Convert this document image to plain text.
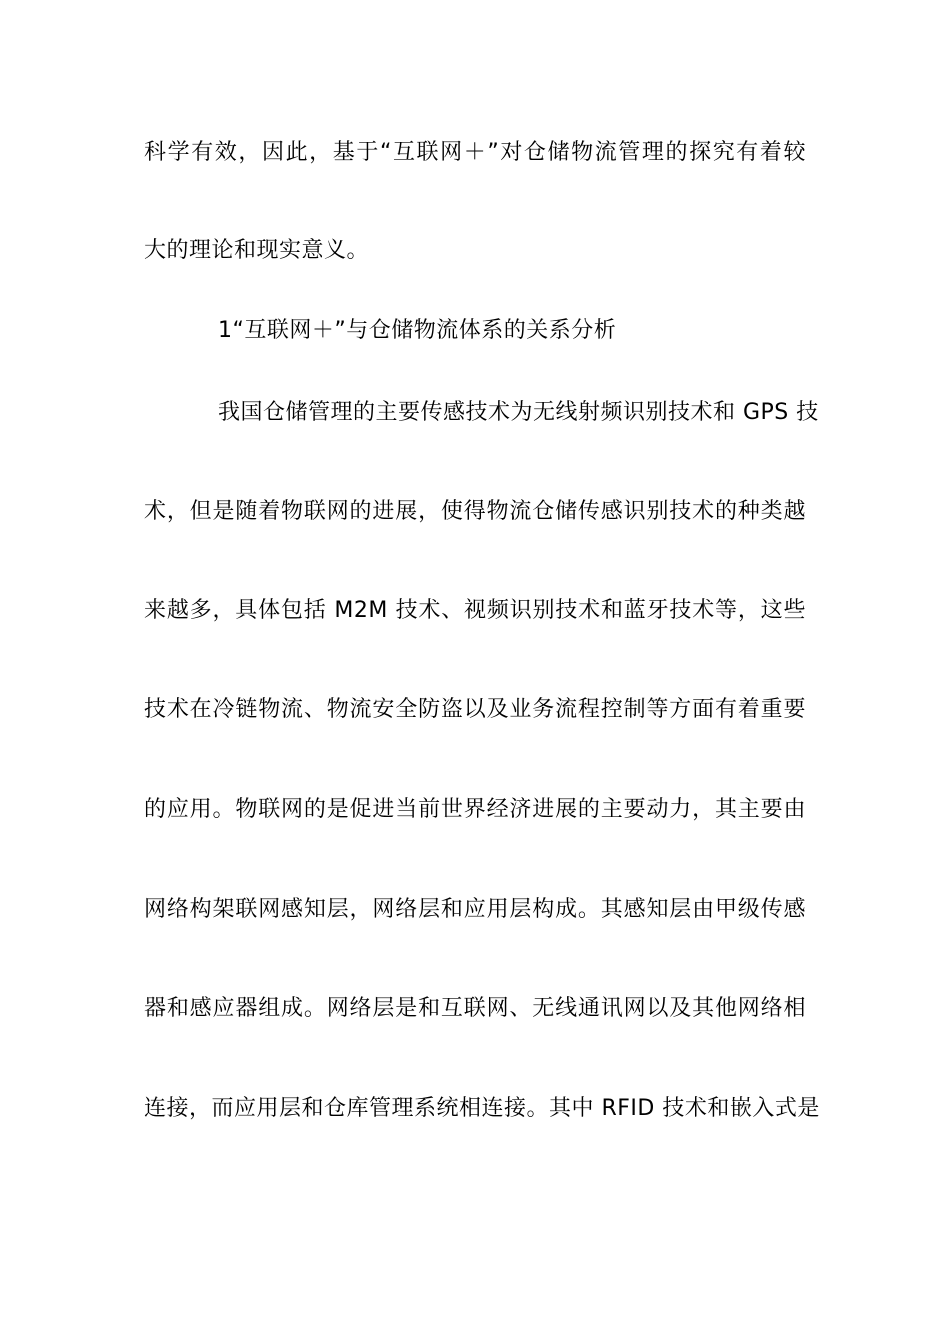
科学有效，因此，基于“互联网＋”对仓储物流管理的探究有着较
大的理论和现实意义。
1“互联网＋”与仓储物流体系的关系分析
我国仓储管理的主要传感技术为无线射频识别技术和 GPS 技
术，但是随着物联网的进展，使得物流仓储传感识别技术的种类越
来越多，具体包括 M2M 技术、视频识别技术和蓝牙技术等，这些
技术在冷链物流、物流安全防盗以及业务流程控制等方面有着重要
的应用。物联网的是促进当前世界经济进展的主要动力，其主要由
网络构架联网感知层，网络层和应用层构成。其感知层由甲级传感
器和感应器组成。网络层是和互联网、无线通讯网以及其他网络相
连接，而应用层和仓库管理系统相连接。其中 RFID 技术和嵌入式是
